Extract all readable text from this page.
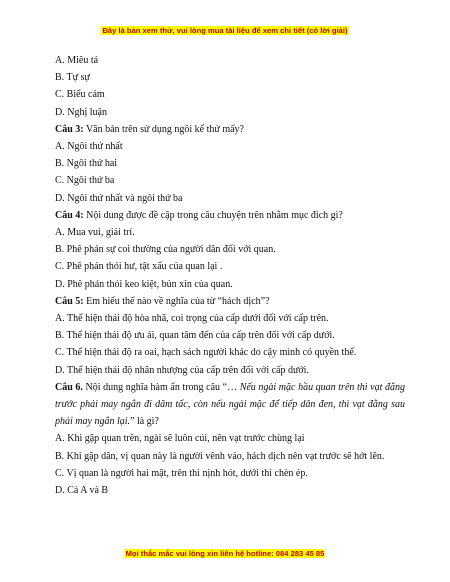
Đây là bản xem thử, vui lòng mua tài liệu để xem chi tiết (có lời giải)
A. Miêu tả
B. Tự sự
C. Biểu cảm
D. Nghị luận
Câu 3: Văn bản trên sử dụng ngôi kể thứ mấy?
A. Ngôi thứ nhất
B. Ngôi thứ hai
C. Ngôi thứ ba
D. Ngôi thứ nhất và ngôi thứ ba
Câu 4: Nội dung được đề cập trong câu chuyện trên nhằm mục đích gì?
A. Mua vui, giải trí.
B. Phê phán sự coi thường của người dân đối với quan.
C. Phê phán thói hư, tật xấu của quan lại .
D. Phê phán thói keo kiệt, bủn xỉn của quan.
Câu 5: Em hiểu thế nào về nghĩa của từ “hách dịch”?
A. Thể hiện thái độ hòa nhã, coi trọng của cấp dưới đối với cấp trên.
B. Thể hiện thái độ ưu ái, quan tâm đến của cấp trên đối với cấp dưới.
C. Thể hiện thái độ ra oai, hạch sách người khác do cậy mình có quyền thế.
D. Thể hiện thái độ nhân nhượng của cấp trên đối với cấp dưới.

Câu 6. Nội dung nghĩa hàm ẩn trong câu “… Nếu ngài mặc hầu quan trên thì vạt đằng trước phải may ngắn đi dăm tấc, còn nếu ngài mặc để tiếp dân đen, thì vạt đằng sau phải may ngắn lại.” là gì?

A. Khi gặp quan trên, ngài sẽ luôn cúi, nên vạt trước chùng lại
B. Khi gặp dân, vị quan này là người vênh váo, hách dịch nên vạt trước sẽ hớt lên.
C. Vị quan là người hai mặt, trên thì nịnh hót, dưới thì chèn ép.
D. Cả A và B
Mọi thắc mắc vui lòng xin liên hệ hotline: 084 283 45 85
